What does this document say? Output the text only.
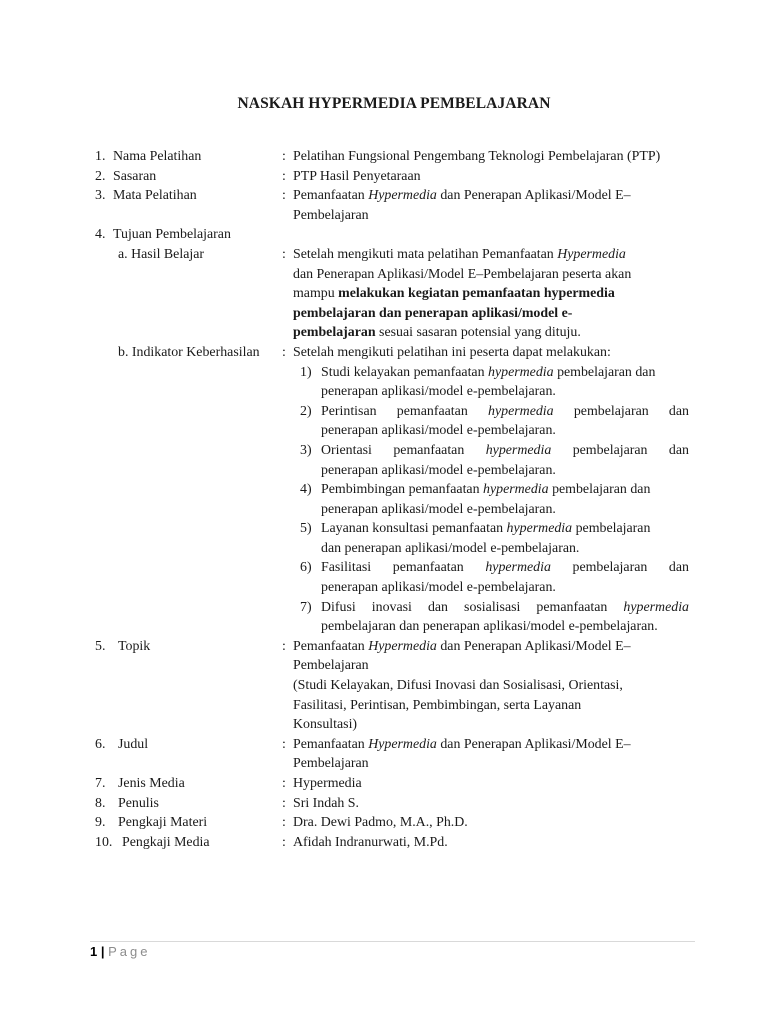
NASKAH HYPERMEDIA PEMBELAJARAN
1. Nama Pelatihan	: Pelatihan Fungsional Pengembang Teknologi Pembelajaran (PTP)
2. Sasaran	: PTP Hasil Penyetaraan
3. Mata Pelatihan	: Pemanfaatan Hypermedia dan Penerapan Aplikasi/Model E–
Pembelajaran
4. Tujuan Pembelajaran
a. Hasil Belajar	: Setelah mengikuti mata pelatihan Pemanfaatan Hypermedia
dan Penerapan Aplikasi/Model E–Pembelajaran peserta akan
mampu melakukan kegiatan pemanfaatan hypermedia
pembelajaran dan penerapan aplikasi/model e-
pembelajaran sesuai sasaran potensial yang dituju.
b. Indikator Keberhasilan : Setelah mengikuti pelatihan ini peserta dapat melakukan:
1) Studi kelayakan pemanfaatan hypermedia pembelajaran dan
penerapan aplikasi/model e-pembelajaran.
2) Perintisan pemanfaatan hypermedia pembelajaran dan
penerapan aplikasi/model e-pembelajaran.
3) Orientasi pemanfaatan hypermedia pembelajaran dan
penerapan aplikasi/model e-pembelajaran.
4) Pembimbingan pemanfaatan hypermedia pembelajaran dan
penerapan aplikasi/model e-pembelajaran.
5) Layanan konsultasi pemanfaatan hypermedia pembelajaran
dan penerapan aplikasi/model e-pembelajaran.
6) Fasilitasi pemanfaatan hypermedia pembelajaran dan
penerapan aplikasi/model e-pembelajaran.
7) Difusi inovasi dan sosialisasi pemanfaatan hypermedia
pembelajaran dan penerapan aplikasi/model e-pembelajaran.
5. Topik	: Pemanfaatan Hypermedia dan Penerapan Aplikasi/Model E–
Pembelajaran
(Studi Kelayakan, Difusi Inovasi dan Sosialisasi, Orientasi,
Fasilitasi, Perintisan, Pembimbingan, serta Layanan
Konsultasi)
6. Judul	: Pemanfaatan Hypermedia dan Penerapan Aplikasi/Model E–
Pembelajaran
7. Jenis Media	: Hypermedia
8. Penulis	: Sri Indah S.
9. Pengkaji Materi	: Dra. Dewi Padmo, M.A., Ph.D.
10. Pengkaji Media	: Afidah Indranurwati, M.Pd.
1 | Page
